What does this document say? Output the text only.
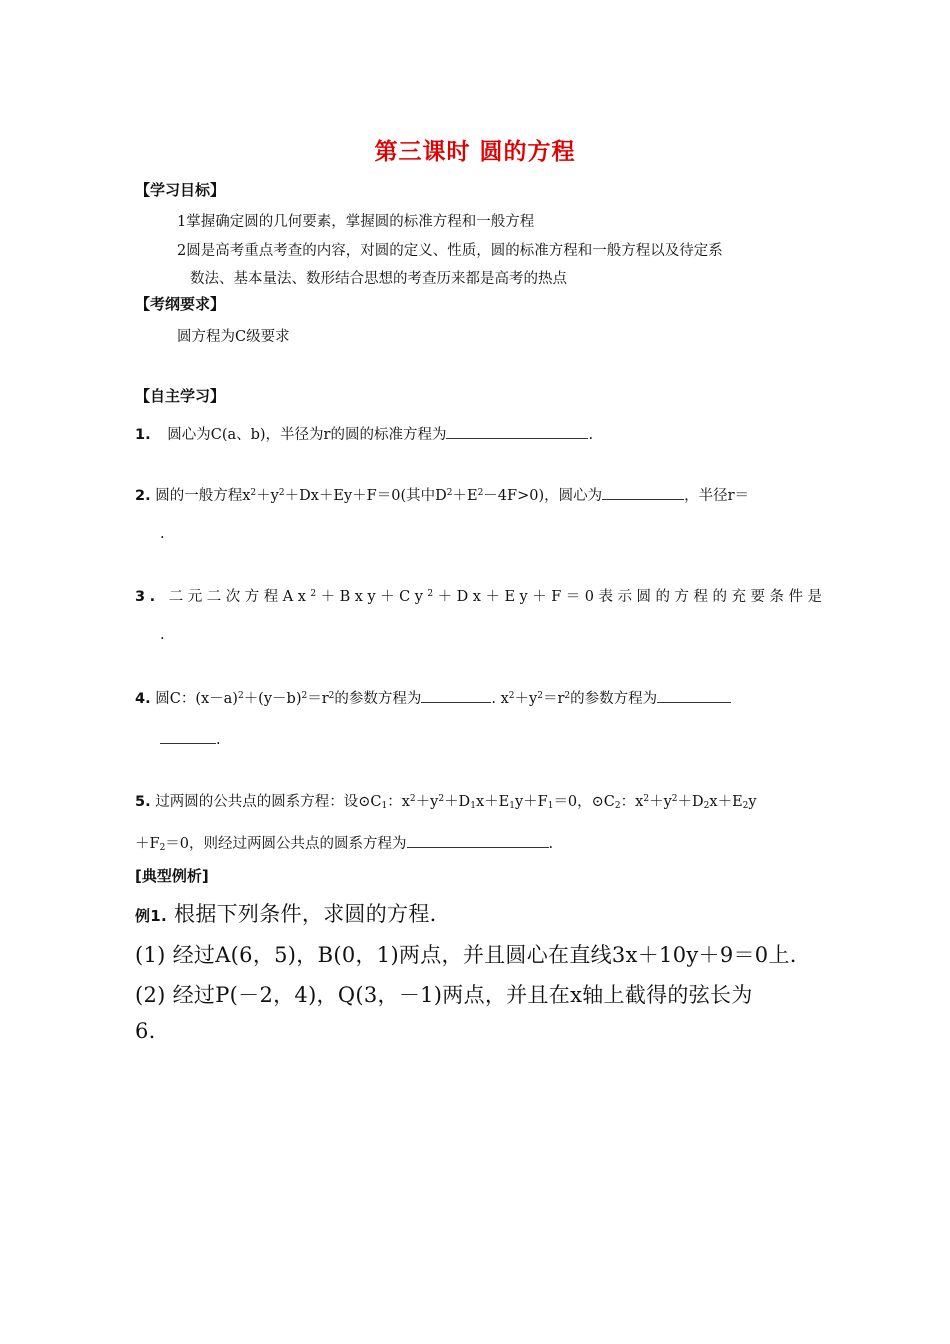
第三课时 圆的方程
【学习目标】
1掌握确定圆的几何要素，掌握圆的标准方程和一般方程
2圆是高考重点考查的内容，对圆的定义、性质，圆的标准方程和一般方程以及待定系
数法、基本量法、数形结合思想的考查历来都是高考的热点
【考纲要求】
圆方程为C级要求
【自主学习】
1. 圆心为C(a、b)，半径为r的圆的标准方程为	.
2. 圆的一般方程$x^2+y^2+Dx+Ey+F=0$(其中$D^2+E^2-4F>0$)，圆心为	，半径r＝
.
3. 二元二次方程$Ax^2+Bxy+Cy^2+Dx+Ey+F=0$表示圆的方程的充要条件是
.
4. 圆C：$(x-a)^2+(y-b)^2=r^2$的参数方程为	. $x^2+y^2=r^2$的参数方程为
.
5. 过两圆的公共点的圆系方程：设$⊙C_1$：$x^2+y^2+D_1x+E_1y+F_1=0$，$⊙C_2$：$x^2+y^2+D_2x+E_2y$
$+F_2=0$，则经过两圆公共点的圆系方程为	.
[典型例析]
例1. 根据下列条件，求圆的方程.
(1) 经过A(6，5)，B(0，1)两点，并且圆心在直线3x＋10y＋9＝0上.
(2) 经过P(－2，4)，Q(3，－1)两点，并且在x轴上截得的弦长为
6.
